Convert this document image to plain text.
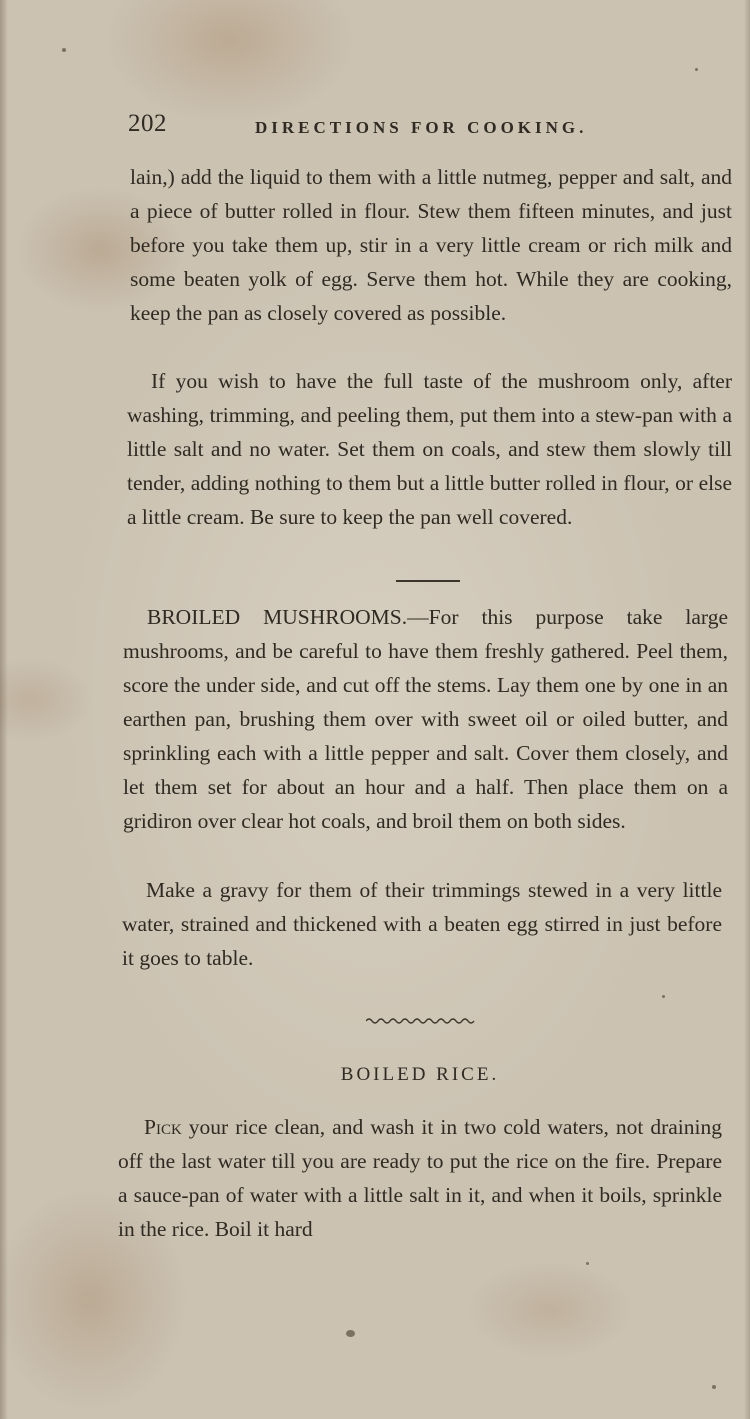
202	DIRECTIONS FOR COOKING.

lain,) add the liquid to them with a little nutmeg, pepper and salt, and a piece of butter rolled in flour. Stew them fifteen minutes, and just before you take them up, stir in a very little cream or rich milk and some beaten yolk of egg. Serve them hot. While they are cooking, keep the pan as closely covered as possible.

If you wish to have the full taste of the mushroom only, after washing, trimming, and peeling them, put them into a stew-pan with a little salt and no water. Set them on coals, and stew them slowly till tender, adding nothing to them but a little butter rolled in flour, or else a little cream. Be sure to keep the pan well covered.

BROILED MUSHROOMS.—For this purpose take large mushrooms, and be careful to have them freshly gathered. Peel them, score the under side, and cut off the stems. Lay them one by one in an earthen pan, brushing them over with sweet oil or oiled butter, and sprinkling each with a little pepper and salt. Cover them closely, and let them set for about an hour and a half. Then place them on a gridiron over clear hot coals, and broil them on both sides.

Make a gravy for them of their trimmings stewed in a very little water, strained and thickened with a beaten egg stirred in just before it goes to table.

BOILED RICE.

Pick your rice clean, and wash it in two cold waters, not draining off the last water till you are ready to put the rice on the fire. Prepare a sauce-pan of water with a little salt in it, and when it boils, sprinkle in the rice. Boil it hard
